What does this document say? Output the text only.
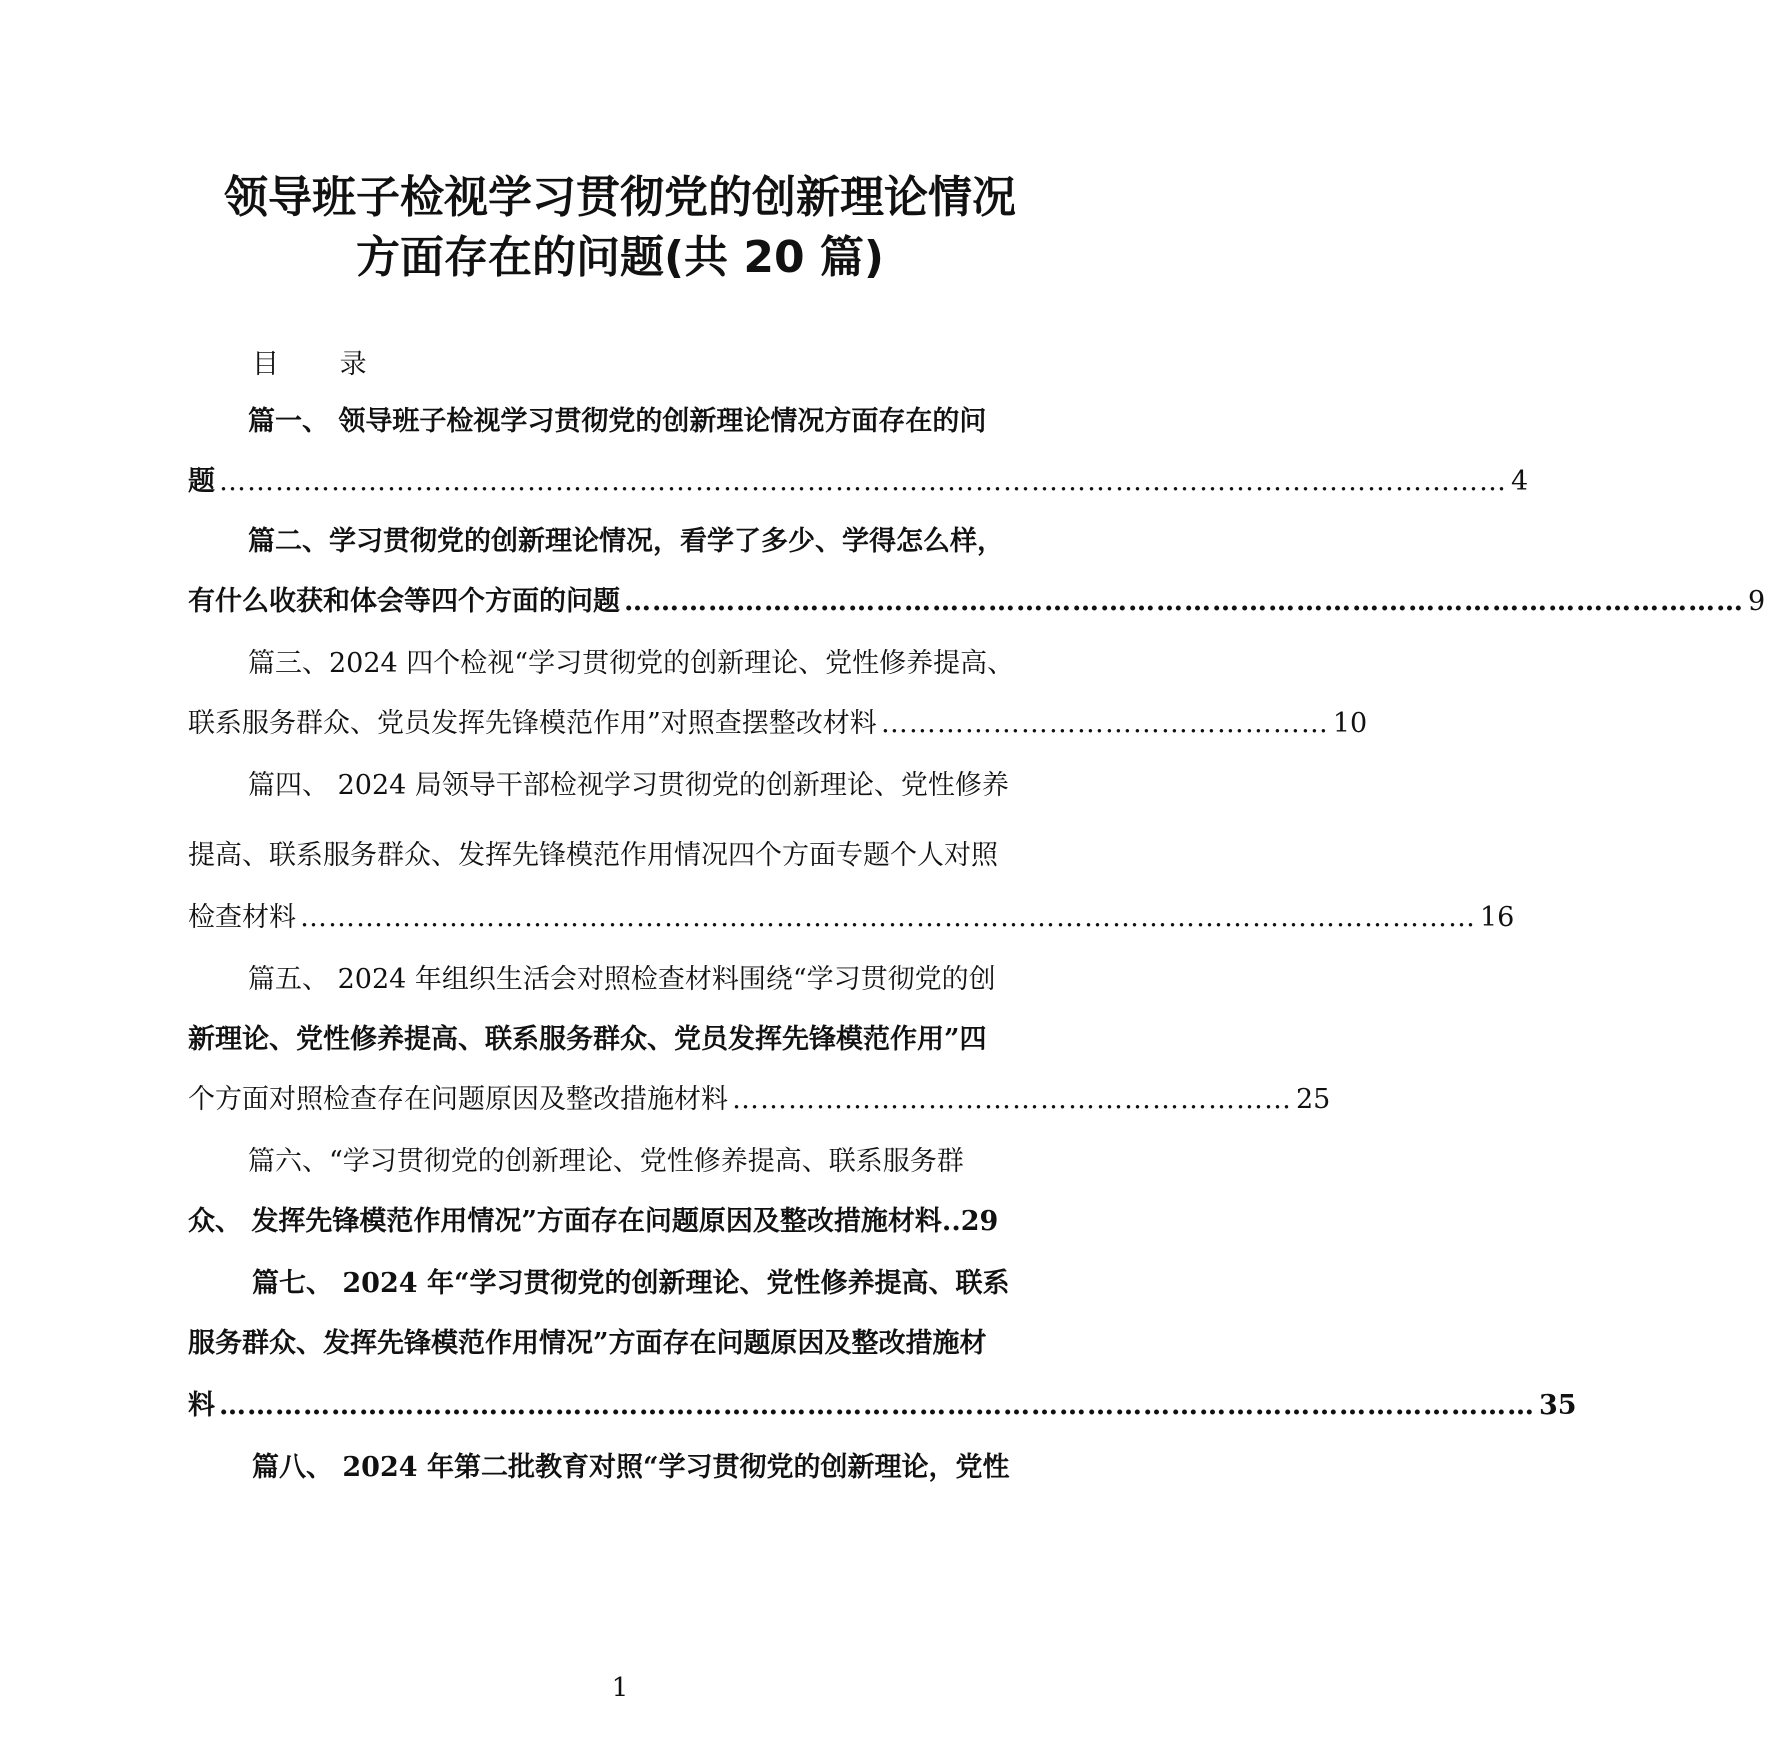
领导班子检视学习贯彻党的创新理论情况
方面存在的问题(共 20 篇)
目 录
篇一、 领导班子检视学习贯彻党的创新理论情况方面存在的问
题 ………………………………………………………………………………………………………………………… 4
篇二、学习贯彻党的创新理论情况，看学了多少、学得怎么样，
有什么收获和体会等四个方面的问题 ………………………………………………………………………………………………………… 9
篇三、2024 四个检视“学习贯彻党的创新理论、党性修养提高、
联系服务群众、党员发挥先锋模范作用”对照查摆整改材料 ………………………………………… 10
篇四、 2024 局领导干部检视学习贯彻党的创新理论、党性修养
提高、联系服务群众、发挥先锋模范作用情况四个方面专题个人对照
检查材料 ……………………………………………………………………………………………………………… 16
篇五、 2024 年组织生活会对照检查材料围绕“学习贯彻党的创
新理论、党性修养提高、联系服务群众、党员发挥先锋模范作用”四
个方面对照检查存在问题原因及整改措施材料 …………………………………………………… 25
篇六、“学习贯彻党的创新理论、党性修养提高、联系服务群
众、 发挥先锋模范作用情况”方面存在问题原因及整改措施材料..29
篇七、 2024 年“学习贯彻党的创新理论、党性修养提高、联系
服务群众、发挥先锋模范作用情况”方面存在问题原因及整改措施材
料 …………………………………………………………………………………………………………………………… 35
篇八、 2024 年第二批教育对照“学习贯彻党的创新理论，党性
1
